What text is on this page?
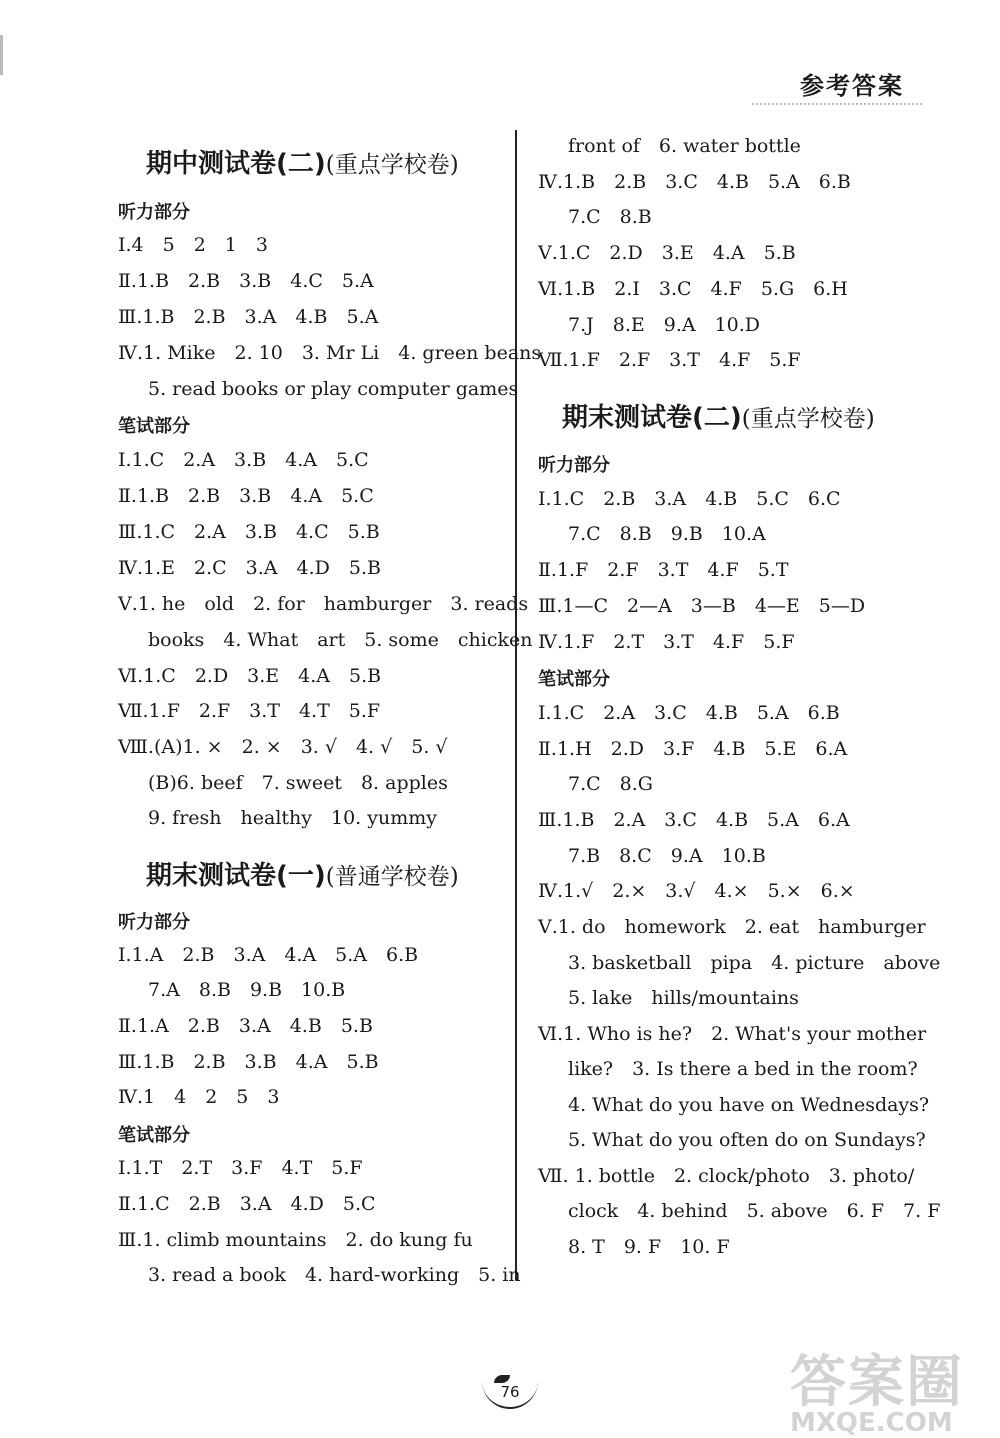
参考答案
期中测试卷(二)(重点学校卷)
听力部分
Ⅰ.4　5　2　1　3
Ⅱ.1.B　2.B　3.B　4.C　5.A
Ⅲ.1.B　2.B　3.A　4.B　5.A
Ⅳ.1. Mike　2. 10　3. Mr Li　4. green beans
5. read books or play computer games
笔试部分
Ⅰ.1.C　2.A　3.B　4.A　5.C
Ⅱ.1.B　2.B　3.B　4.A　5.C
Ⅲ.1.C　2.A　3.B　4.C　5.B
Ⅳ.1.E　2.C　3.A　4.D　5.B
Ⅴ.1. he　old　2. for　hamburger　3. reads
books　4. What　art　5. some　chicken
Ⅵ.1.C　2.D　3.E　4.A　5.B
Ⅶ.1.F　2.F　3.T　4.T　5.F
Ⅷ.(A)1. ×　2. ×　3. √　4. √　5. √
(B)6. beef　7. sweet　8. apples
9. fresh　healthy　10. yummy
期末测试卷(一)(普通学校卷)
听力部分
Ⅰ.1.A　2.B　3.A　4.A　5.A　6.B
7.A　8.B　9.B　10.B
Ⅱ.1.A　2.B　3.A　4.B　5.B
Ⅲ.1.B　2.B　3.B　4.A　5.B
Ⅳ.1　4　2　5　3
笔试部分
Ⅰ.1.T　2.T　3.F　4.T　5.F
Ⅱ.1.C　2.B　3.A　4.D　5.C
Ⅲ.1. climb mountains　2. do kung fu
3. read a book　4. hard-working　5. in
front of　6. water bottle
Ⅳ.1.B　2.B　3.C　4.B　5.A　6.B
7.C　8.B
Ⅴ.1.C　2.D　3.E　4.A　5.B
Ⅵ.1.B　2.I　3.C　4.F　5.G　6.H
7.J　8.E　9.A　10.D
Ⅶ.1.F　2.F　3.T　4.F　5.F
期末测试卷(二)(重点学校卷)
听力部分
Ⅰ.1.C　2.B　3.A　4.B　5.C　6.C
7.C　8.B　9.B　10.A
Ⅱ.1.F　2.F　3.T　4.F　5.T
Ⅲ.1—C　2—A　3—B　4—E　5—D
Ⅳ.1.F　2.T　3.T　4.F　5.F
笔试部分
Ⅰ.1.C　2.A　3.C　4.B　5.A　6.B
Ⅱ.1.H　2.D　3.F　4.B　5.E　6.A
7.C　8.G
Ⅲ.1.B　2.A　3.C　4.B　5.A　6.A
7.B　8.C　9.A　10.B
Ⅳ.1.√　2.×　3.√　4.×　5.×　6.×
Ⅴ.1. do　homework　2. eat　hamburger
3. basketball　pipa　4. picture　above
5. lake　hills/mountains
Ⅵ.1. Who is he?　2. What's your mother
like?　3. Is there a bed in the room?
4. What do you have on Wednesdays?
5. What do you often do on Sundays?
Ⅶ. 1. bottle　2. clock/photo　3. photo/
clock　4. behind　5. above　6. F　7. F
8. T　9. F　10. F
76	答案圈
MXQE.COM
